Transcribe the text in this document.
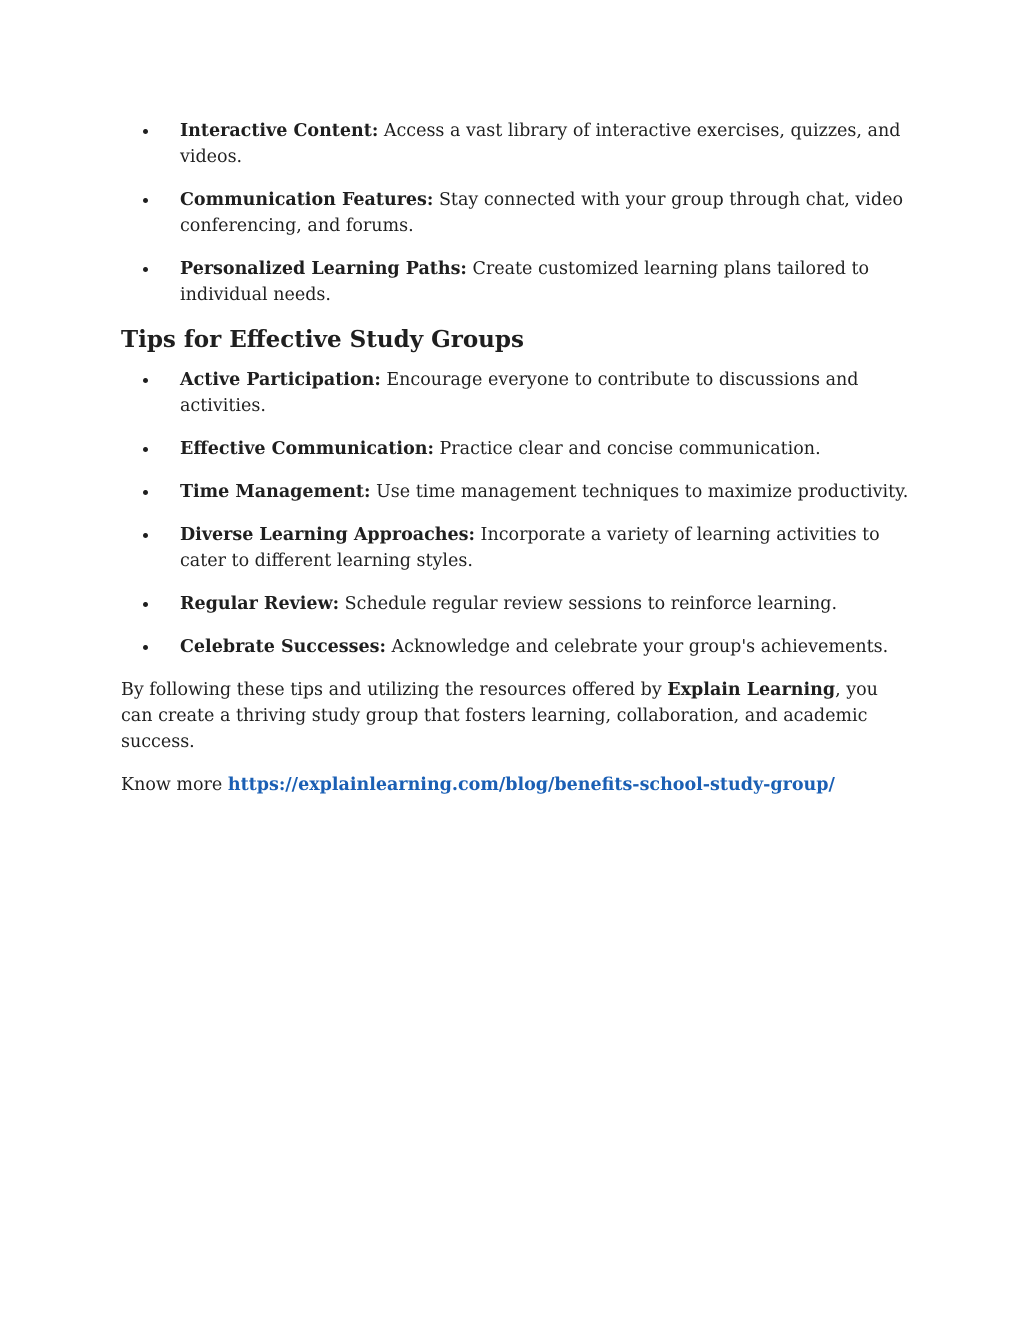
Interactive Content: Access a vast library of interactive exercises, quizzes, and videos.
Communication Features: Stay connected with your group through chat, video conferencing, and forums.
Personalized Learning Paths: Create customized learning plans tailored to individual needs.
Tips for Effective Study Groups
Active Participation: Encourage everyone to contribute to discussions and activities.
Effective Communication: Practice clear and concise communication.
Time Management: Use time management techniques to maximize productivity.
Diverse Learning Approaches: Incorporate a variety of learning activities to cater to different learning styles.
Regular Review: Schedule regular review sessions to reinforce learning.
Celebrate Successes: Acknowledge and celebrate your group's achievements.

By following these tips and utilizing the resources offered by Explain Learning, you can create a thriving study group that fosters learning, collaboration, and academic success.

Know more https://explainlearning.com/blog/benefits-school-study-group/
